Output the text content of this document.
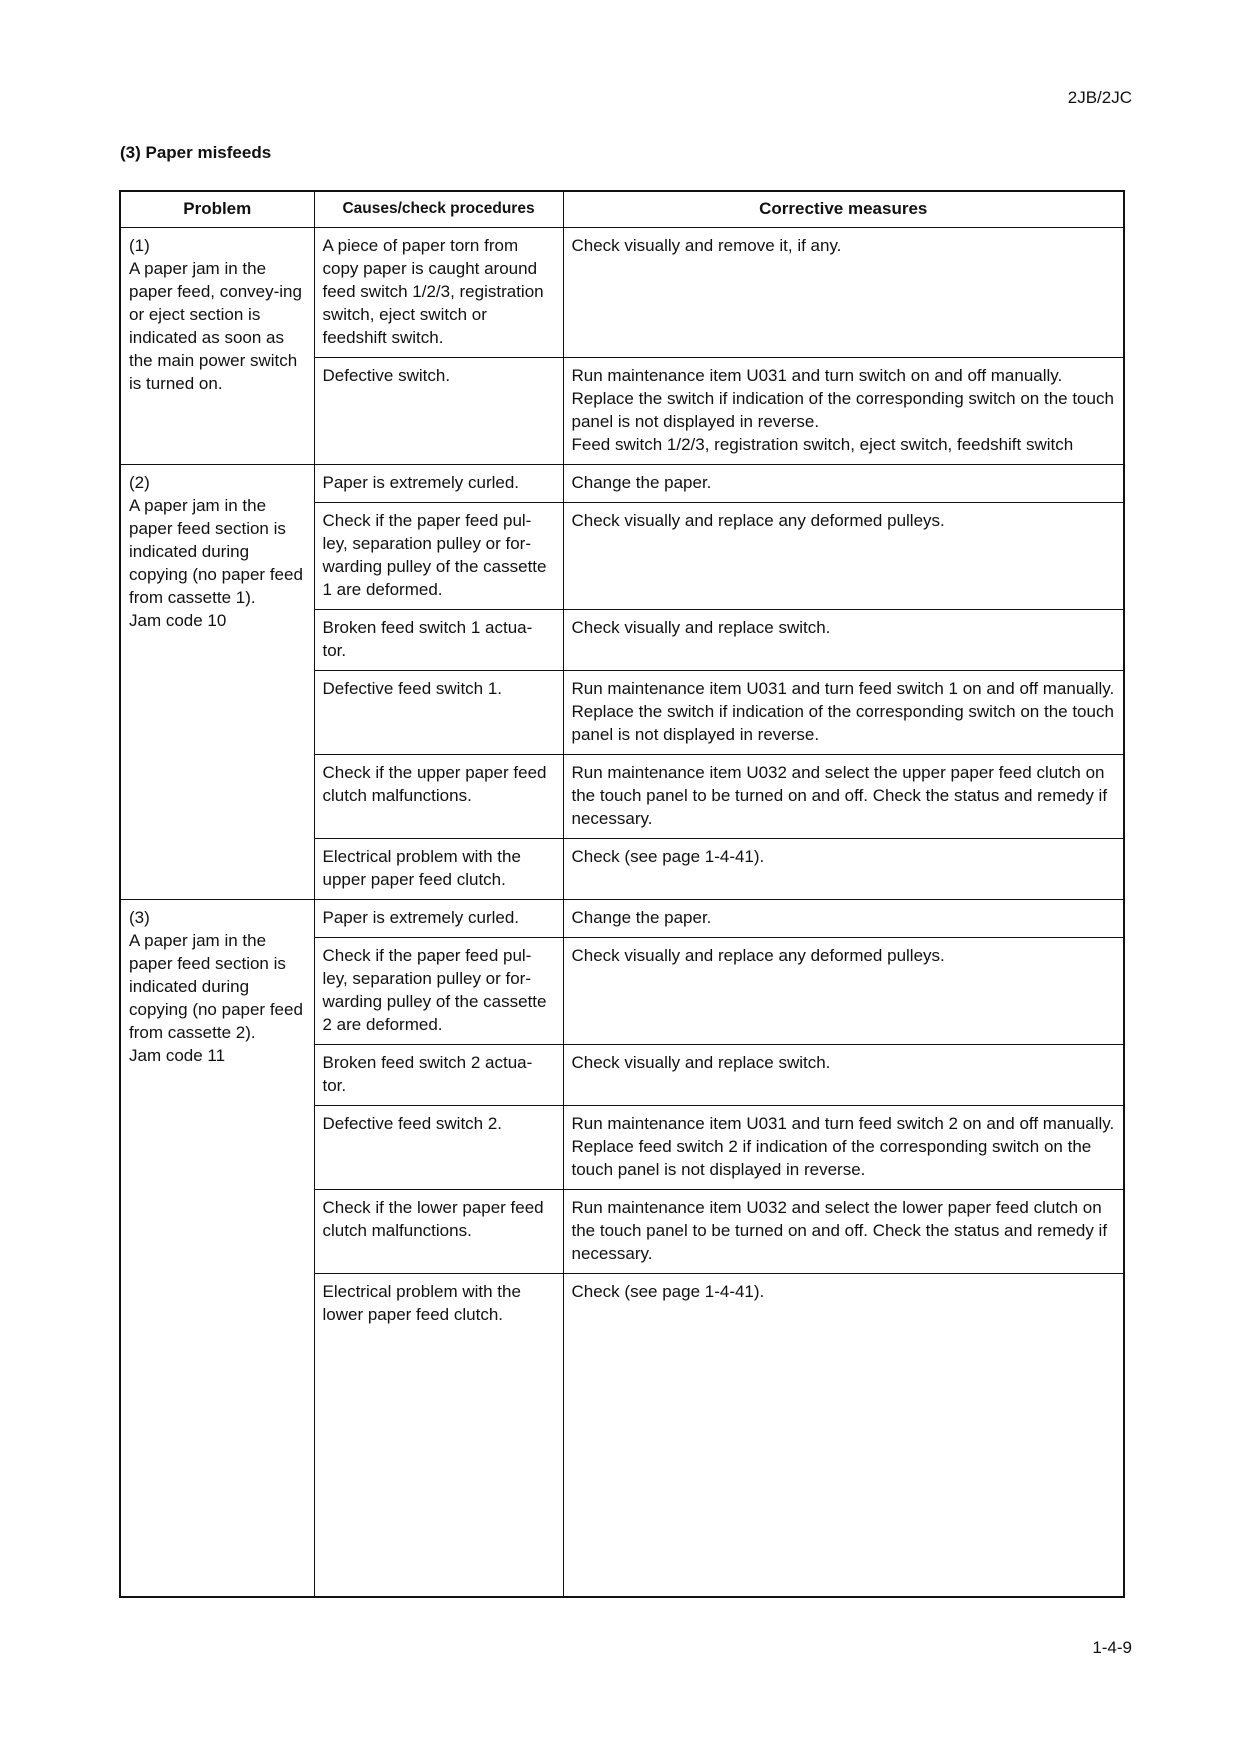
2JB/2JC
(3) Paper misfeeds
Problem	Causes/check procedures	Corrective measures

(1)
A paper jam in the paper feed, convey-ing or eject section is indicated as soon as the main power switch is turned on.	A piece of paper torn from copy paper is caught around feed switch 1/2/3, registration switch, eject switch or feedshift switch.	Check visually and remove it, if any.

	Defective switch.	Run maintenance item U031 and turn switch on and off manually. Replace the switch if indication of the corresponding switch on the touch panel is not displayed in reverse.
Feed switch 1/2/3, registration switch, eject switch, feedshift switch

(2)
A paper jam in the paper feed section is indicated during copying (no paper feed from cassette 1).
Jam code 10	Paper is extremely curled.	Change the paper.

	Check if the paper feed pul-ley, separation pulley or for-warding pulley of the cassette 1 are deformed.	Check visually and replace any deformed pulleys.

	Broken feed switch 1 actua-tor.	Check visually and replace switch.

	Defective feed switch 1.	Run maintenance item U031 and turn feed switch 1 on and off manually. Replace the switch if indication of the corresponding switch on the touch panel is not displayed in reverse.

	Check if the upper paper feed clutch malfunctions.	Run maintenance item U032 and select the upper paper feed clutch on the touch panel to be turned on and off. Check the status and remedy if necessary.

	Electrical problem with the upper paper feed clutch.	Check (see page 1-4-41).

(3)
A paper jam in the paper feed section is indicated during copying (no paper feed from cassette 2).
Jam code 11	Paper is extremely curled.	Change the paper.

	Check if the paper feed pul-ley, separation pulley or for-warding pulley of the cassette 2 are deformed.	Check visually and replace any deformed pulleys.

	Broken feed switch 2 actua-tor.	Check visually and replace switch.

	Defective feed switch 2.	Run maintenance item U031 and turn feed switch 2 on and off manually. Replace feed switch 2 if indication of the corresponding switch on the touch panel is not displayed in reverse.

	Check if the lower paper feed clutch malfunctions.	Run maintenance item U032 and select the lower paper feed clutch on the touch panel to be turned on and off. Check the status and remedy if necessary.

	Electrical problem with the lower paper feed clutch.	Check (see page 1-4-41).
1-4-9
